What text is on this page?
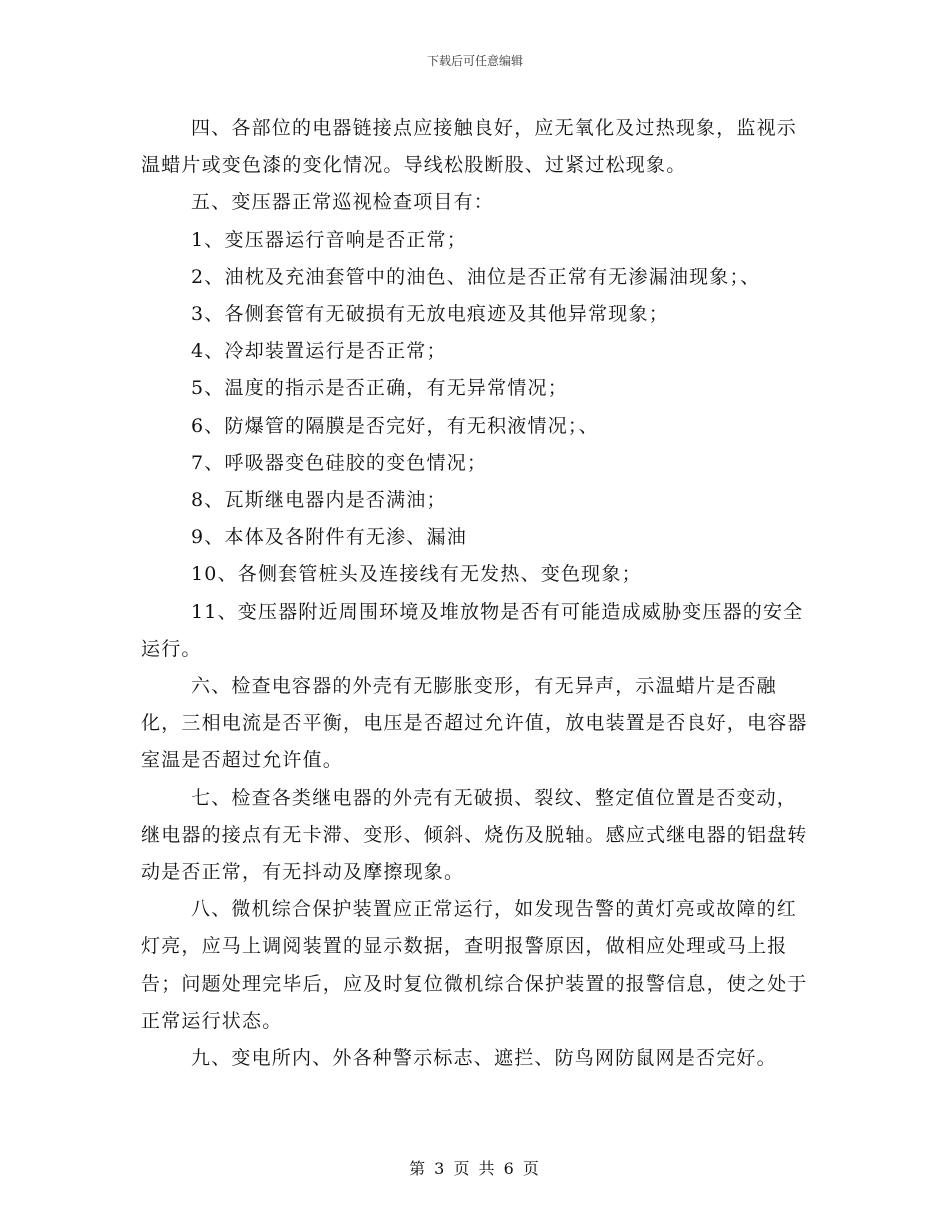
下载后可任意编辑

四、各部位的电器链接点应接触良好，应无氧化及过热现象，监视示温蜡片或变色漆的变化情况。导线松股断股、过紧过松现象。

五、变压器正常巡视检查项目有：

1、变压器运行音响是否正常；

2、油枕及充油套管中的油色、油位是否正常有无渗漏油现象；、

3、各侧套管有无破损有无放电痕迹及其他异常现象；

4、冷却装置运行是否正常；

5、温度的指示是否正确，有无异常情况；

6、防爆管的隔膜是否完好，有无积液情况；、

7、呼吸器变色硅胶的变色情况；

8、瓦斯继电器内是否满油；

9、本体及各附件有无渗、漏油

10、各侧套管桩头及连接线有无发热、变色现象；

11、变压器附近周围环境及堆放物是否有可能造成威胁变压器的安全运行。

六、检查电容器的外壳有无膨胀变形，有无异声，示温蜡片是否融化，三相电流是否平衡，电压是否超过允许值，放电装置是否良好，电容器室温是否超过允许值。

七、检查各类继电器的外壳有无破损、裂纹、整定值位置是否变动，继电器的接点有无卡滞、变形、倾斜、烧伤及脱轴。感应式继电器的铝盘转动是否正常，有无抖动及摩擦现象。

八、微机综合保护装置应正常运行，如发现告警的黄灯亮或故障的红灯亮，应马上调阅装置的显示数据，查明报警原因，做相应处理或马上报告；问题处理完毕后，应及时复位微机综合保护装置的报警信息，使之处于正常运行状态。

九、变电所内、外各种警示标志、遮拦、防鸟网防鼠网是否完好。

第 3 页 共 6 页
